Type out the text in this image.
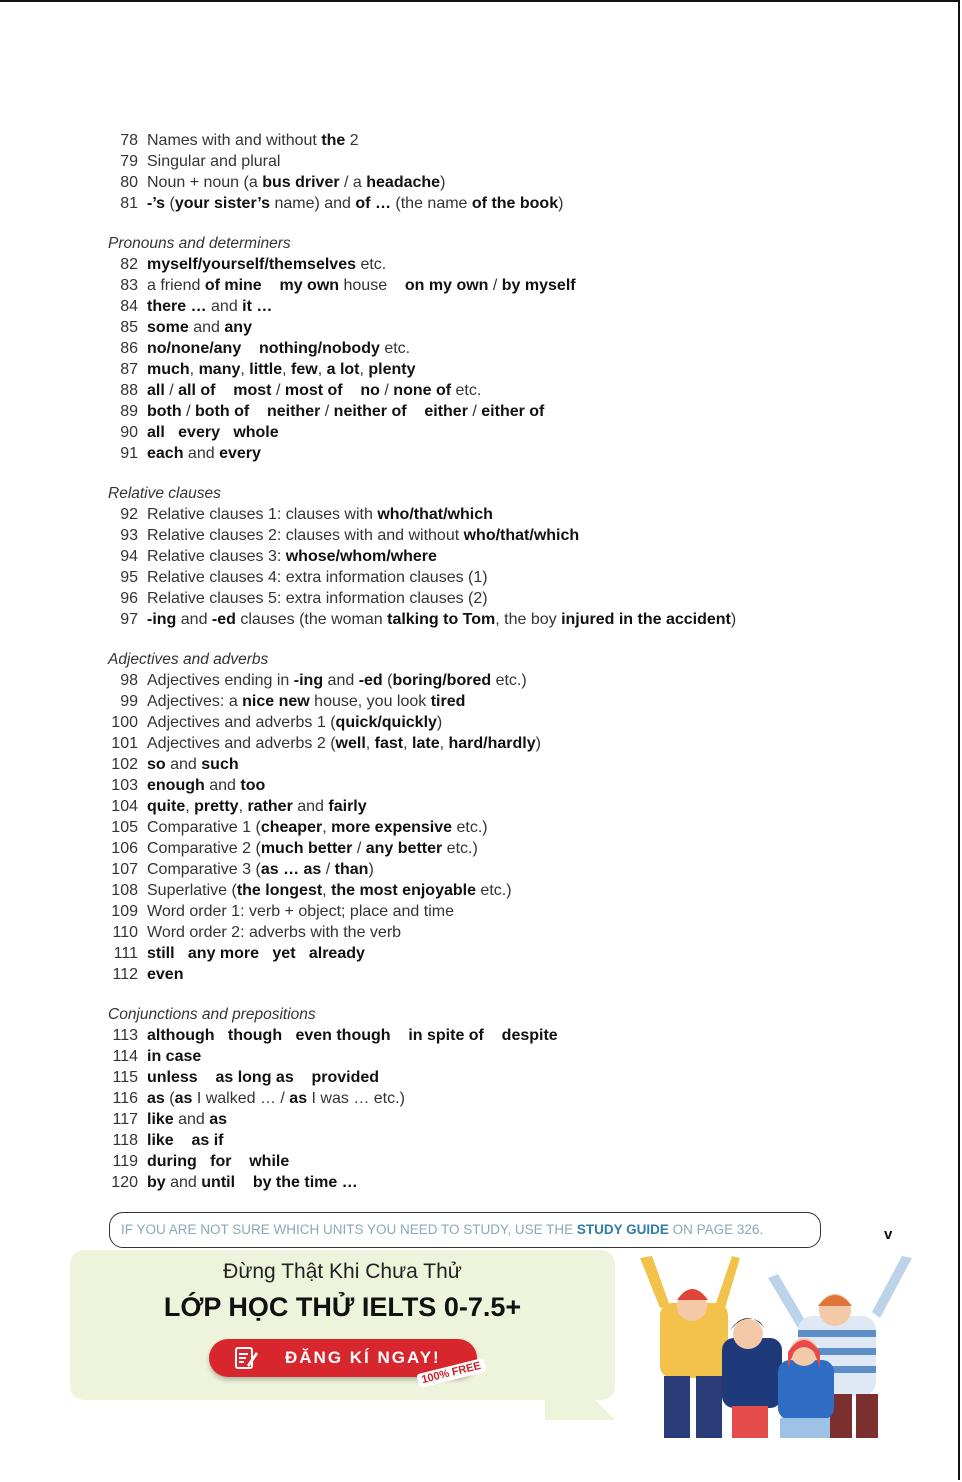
78 Names with and without the 2
79 Singular and plural
80 Noun + noun (a bus driver / a headache)
81 -’s (your sister’s name) and of … (the name of the book)
Pronouns and determiners
82 myself/yourself/themselves etc.
83 a friend of mine my own house    on my own / by myself
84 there … and it …
85 some and any
86 no/none/any nothing/nobody etc.
87 much, many, little, few, a lot, plenty
88 all / all of most / most of no / none of etc.
89 both / both of neither / neither of either / either of
90 all every whole
91 each and every
Relative clauses
92 Relative clauses 1: clauses with who/that/which
93 Relative clauses 2: clauses with and without who/that/which
94 Relative clauses 3: whose/whom/where
95 Relative clauses 4: extra information clauses (1)
96 Relative clauses 5: extra information clauses (2)
97 -ing and -ed clauses (the woman talking to Tom, the boy injured in the accident)
Adjectives and adverbs
98 Adjectives ending in -ing and -ed (boring/bored etc.)
99 Adjectives: a nice new house, you look tired
100 Adjectives and adverbs 1 (quick/quickly)
101 Adjectives and adverbs 2 (well, fast, late, hard/hardly)
102 so and such
103 enough and too
104 quite, pretty, rather and fairly
105 Comparative 1 (cheaper, more expensive etc.)
106 Comparative 2 (much better / any better etc.)
107 Comparative 3 (as … as / than)
108 Superlative (the longest, the most enjoyable etc.)
109 Word order 1: verb + object; place and time
110 Word order 2: adverbs with the verb
111 still any more yet already
112 even
Conjunctions and prepositions
113 although though even though in spite of despite
114 in case
115 unless as long as provided
116 as (as I walked … / as I was … etc.)
117 like and as
118 like as if
119 during for while
120 by and until by the time …
IF YOU ARE NOT SURE WHICH UNITS YOU NEED TO STUDY, USE THE STUDY GUIDE ON PAGE 326.	v
Đừng Thật Khi Chưa Thử
LỚP HỌC THỬ IELTS 0-7.5+
ĐĂNG KÍ NGAY!
100% FREE
